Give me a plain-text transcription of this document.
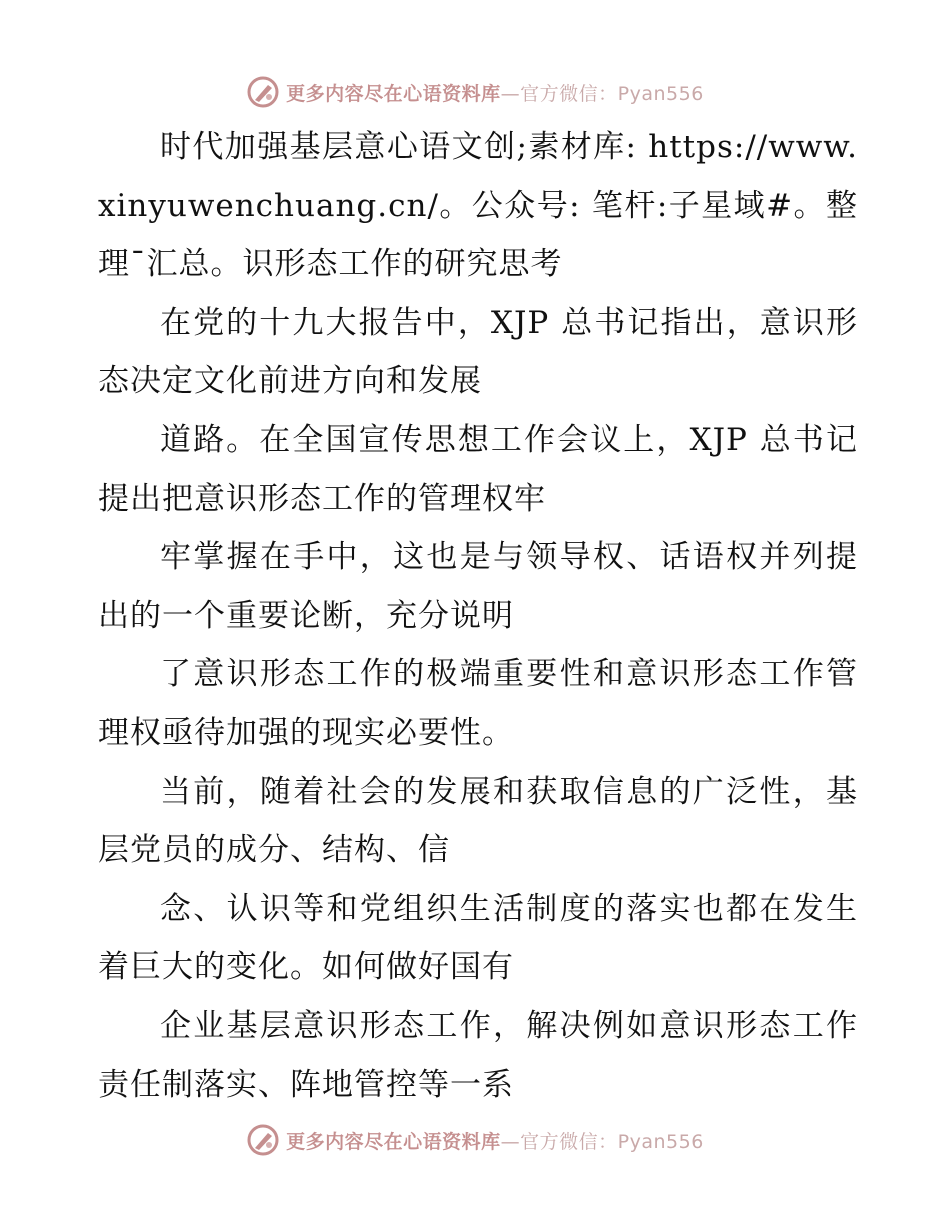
更多内容尽在心语资料库—官方微信：Pyan556

时代加强基层意心语文创;素材库: https://www.xinyuwenchuang.cn/。公众号: 笔杆:子星域#。整理¯汇总。识形态工作的研究思考

在党的十九大报告中，XJP 总书记指出，意识形态决定文化前进方向和发展

道路。在全国宣传思想工作会议上，XJP 总书记提出把意识形态工作的管理权牢

牢掌握在手中，这也是与领导权、话语权并列提出的一个重要论断，充分说明

了意识形态工作的极端重要性和意识形态工作管理权亟待加强的现实必要性。

当前，随着社会的发展和获取信息的广泛性，基层党员的成分、结构、信

念、认识等和党组织生活制度的落实也都在发生着巨大的变化。如何做好国有

企业基层意识形态工作，解决例如意识形态工作责任制落实、阵地管控等一系

更多内容尽在心语资料库—官方微信：Pyan556
